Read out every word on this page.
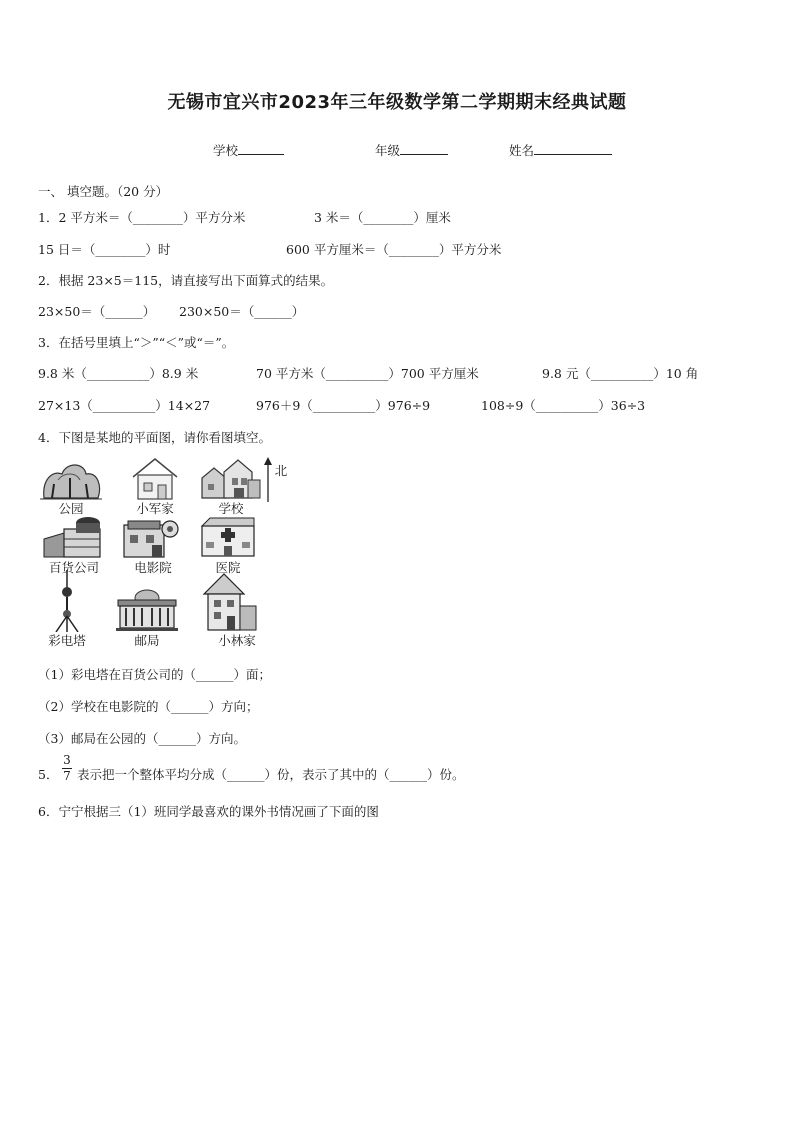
无锡市宜兴市2023年三年级数学第二学期期末经典试题
学校	年级	姓名
一、 填空题。（20 分）
1．2 平方米＝（________）平方分米	3 米＝（________）厘米
15 日＝（________）时	600 平方厘米＝（________）平方分米
2．根据 23×5＝115，请直接写出下面算式的结果。
23×50＝（______） 230×50＝（______）
3．在括号里填上“＞”“＜”或“＝”。
9.8 米（__________）8.9 米	70 平方米（__________）700 平方厘米	9.8 元（__________）10 角
27×13（__________）14×27	976＋9（__________）976÷9	108÷9（__________）36÷3
4．下图是某地的平面图，请你看图填空。
公园	小军家	学校
北
百货公司	电影院	医院
彩电塔	邮局	小林家
（1）彩电塔在百货公司的（______）面；
（2）学校在电影院的（______）方向；
（3）邮局在公园的（______）方向。
5．
3
7 表示把一个整体平均分成（______）份，表示了其中的（______）份。
6．宁宁根据三（1）班同学最喜欢的课外书情况画了下面的图
